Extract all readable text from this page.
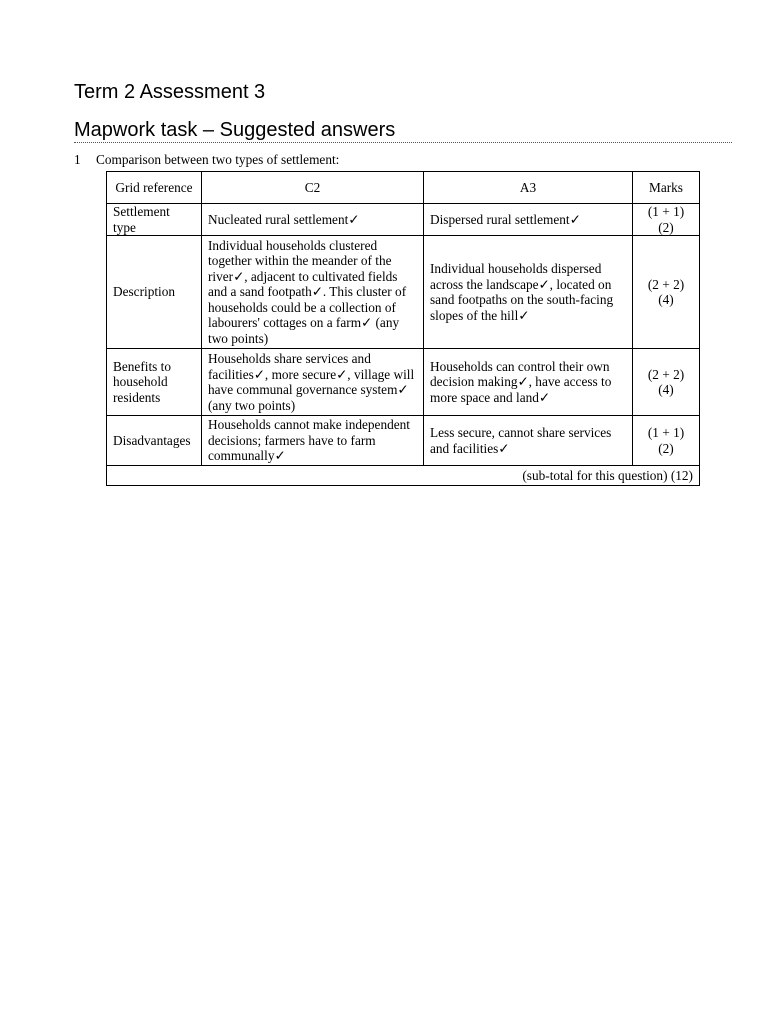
Term 2 Assessment 3
Mapwork task – Suggested answers
1 Comparison between two types of settlement:
Grid reference	C2	A3	Marks
Settlement type	Nucleated rural settlement✓	Dispersed rural settlement✓	(1 + 1)
(2)

Description	Individual households clustered together within the meander of the river✓, adjacent to cultivated fields and a sand footpath✓. This cluster of households could be a collection of labourers' cottages on a farm✓ (any two points)	Individual households dispersed across the landscape✓, located on sand footpaths on the south-facing slopes of the hill✓	(2 + 2)
(4)

Benefits to household residents	Households share services and facilities✓, more secure✓, village will have communal governance system✓ (any two points)	Households can control their own decision making✓, have access to more space and land✓	(2 + 2)
(4)

Disadvantages	Households cannot make independent decisions; farmers have to farm communally✓	Less secure, cannot share services and facilities✓	(1 + 1)
(2)

(sub-total for this question) (12)			
